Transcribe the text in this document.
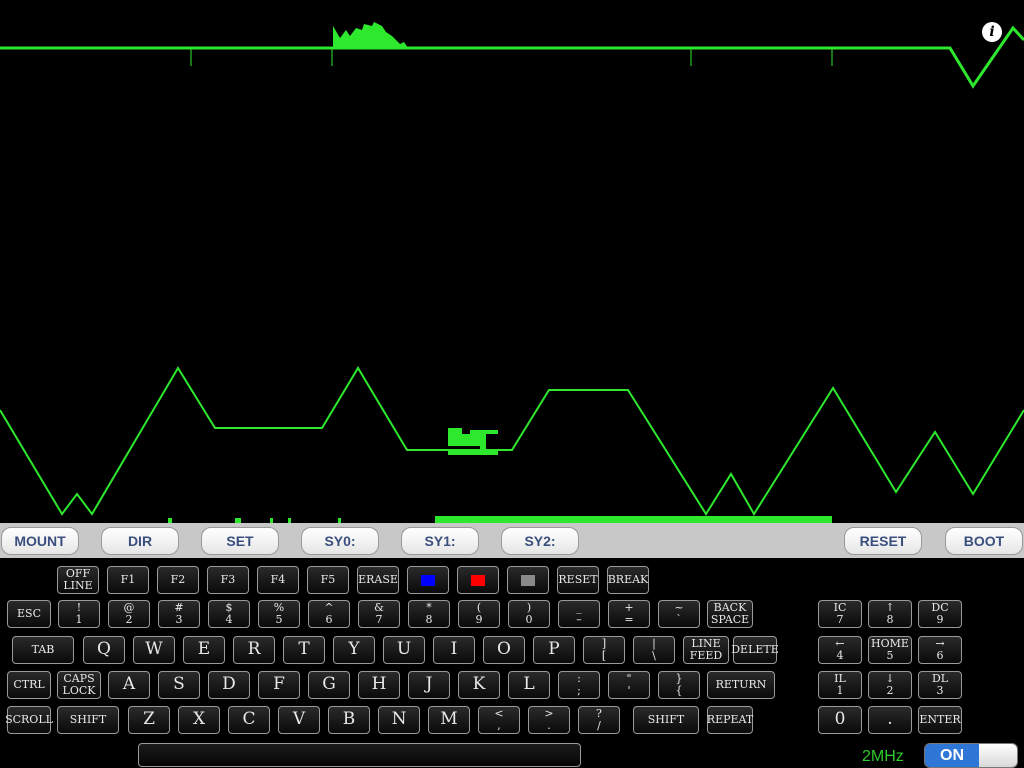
i
MOUNT	DIR	SET	SY0:	SY1:	SY2:	RESET	BOOT
OFF
LINE	F1	F2	F3	F4	F5	ERASE	RESET BREAK
ESC	!
1
@
2
#
3
$
4
%
5
^
6
&
7
*
8
(
9
)
0
_
–
+
=
~
`
BACK
SPACE
TAB	Q	W	E	R	T	Y	U	I	O	P	]
[
|
\
LINE
FEED DELETE
CTRL	CAPS
LOCK	A	S	D	F	G	H	J	K	L	:
;
"
'
}
{	RETURN
SCROLL	SHIFT	Z	X	C	V	B	N	M	<
,
>
.
?
/	SHIFT	REPEAT
IC
7
↑
8
DC
9
←
4
HOME
5
→
6
IL
1
↓
2
DL
3
0	.	ENTER
2MHz	ON
